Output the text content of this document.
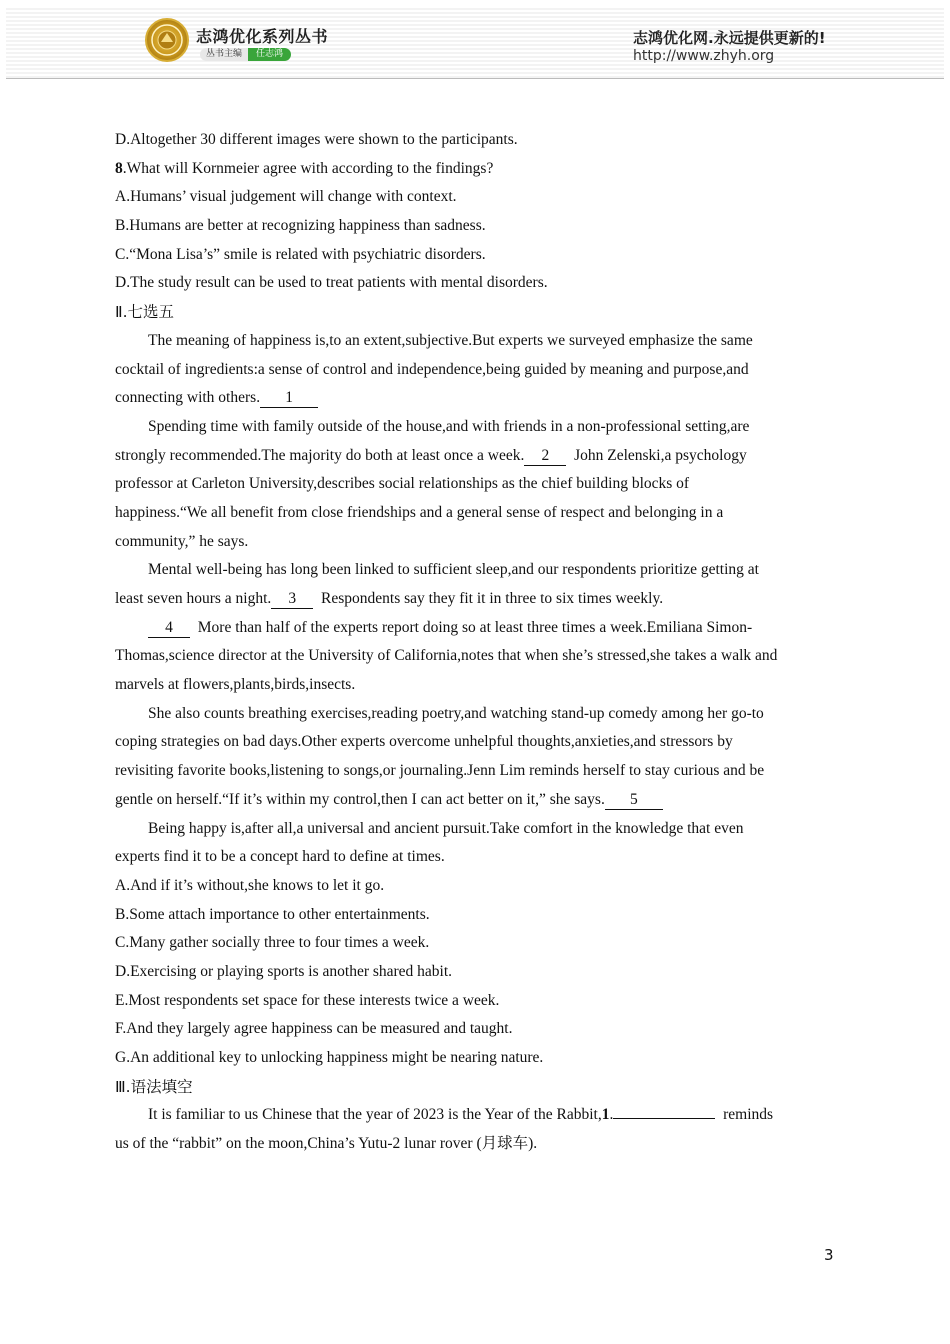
志鸿优化系列丛书
丛书主编	任志鸿
志鸿优化网.永远提供更新的!
http://www.zhyh.org
D.Altogether 30 different images were shown to the participants.
8.What will Kornmeier agree with according to the findings?
A.Humans’ visual judgement will change with context.
B.Humans are better at recognizing happiness than sadness.
C.“Mona Lisa’s” smile is related with psychiatric disorders.
D.The study result can be used to treat patients with mental disorders.
Ⅱ.七选五
The meaning of happiness is,to an extent,subjective.But experts we surveyed emphasize the same
cocktail of ingredients:a sense of control and independence,being guided by meaning and purpose,and
connecting with others. 1
Spending time with family outside of the house,and with friends in a non-professional setting,are
strongly recommended.The majority do both at least once a week. 2 John Zelenski,a psychology
professor at Carleton University,describes social relationships as the chief building blocks of
happiness.“We all benefit from close friendships and a general sense of respect and belonging in a
community,” he says.
Mental well-being has long been linked to sufficient sleep,and our respondents prioritize getting at
least seven hours a night. 3 Respondents say they fit it in three to six times weekly.
4 More than half of the experts report doing so at least three times a week.Emiliana Simon-
Thomas,science director at the University of California,notes that when she’s stressed,she takes a walk and
marvels at flowers,plants,birds,insects.
She also counts breathing exercises,reading poetry,and watching stand-up comedy among her go-to
coping strategies on bad days.Other experts overcome unhelpful thoughts,anxieties,and stressors by
revisiting favorite books,listening to songs,or journaling.Jenn Lim reminds herself to stay curious and be
gentle on herself.“If it’s within my control,then I can act better on it,” she says. 5
Being happy is,after all,a universal and ancient pursuit.Take comfort in the knowledge that even
experts find it to be a concept hard to define at times.
A.And if it’s without,she knows to let it go.
B.Some attach importance to other entertainments.
C.Many gather socially three to four times a week.
D.Exercising or playing sports is another shared habit.
E.Most respondents set space for these interests twice a week.
F.And they largely agree happiness can be measured and taught.
G.An additional key to unlocking happiness might be nearing nature.
Ⅲ.语法填空
It is familiar to us Chinese that the year of 2023 is the Year of the Rabbit,1.	reminds
us of the “rabbit” on the moon,China’s Yutu-2 lunar rover (月球车).
3
